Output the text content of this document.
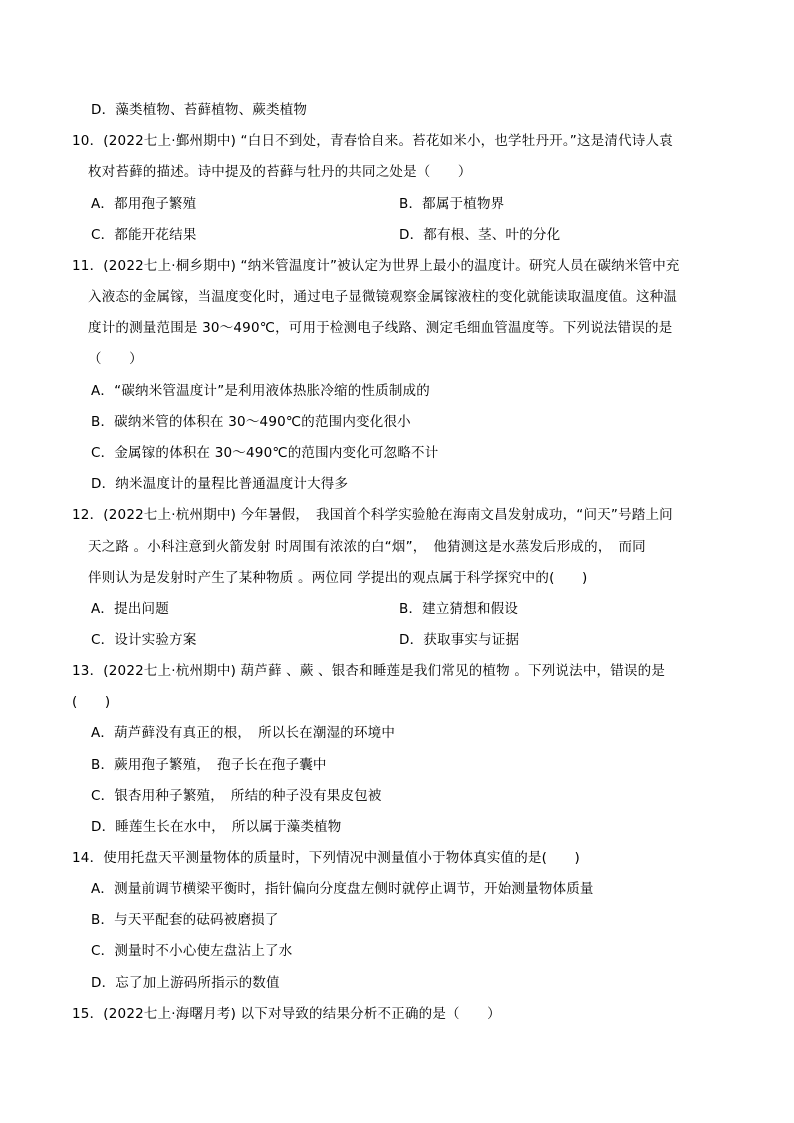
D．藻类植物、苔藓植物、蕨类植物
10．(2022七上·鄞州期中) “白日不到处，青春恰自来。苔花如米小，也学牡丹开。”这是清代诗人袁
枚对苔藓的描述。诗中提及的苔藓与牡丹的共同之处是（　　）
A．都用孢子繁殖	B．都属于植物界
C．都能开花结果	D．都有根、茎、叶的分化
11．(2022七上·桐乡期中) “纳米管温度计”被认定为世界上最小的温度计。研究人员在碳纳米管中充
入液态的金属镓，当温度变化时，通过电子显微镜观察金属镓液柱的变化就能读取温度值。这种温
度计的测量范围是 30～490℃，可用于检测电子线路、测定毛细血管温度等。下列说法错误的是
（　　）
A．“碳纳米管温度计”是利用液体热胀冷缩的性质制成的
B．碳纳米管的体积在 30～490℃的范围内变化很小
C．金属镓的体积在 30～490℃的范围内变化可忽略不计
D．纳米温度计的量程比普通温度计大得多
12．(2022七上·杭州期中) 今年暑假，　我国首个科学实验舱在海南文昌发射成功，“问天”号踏上问
天之路 。小科注意到火箭发射 时周围有浓浓的白“烟”，　他猜测这是水蒸发后形成的，　而同
伴则认为是发射时产生了某种物质 。两位同 学提出的观点属于科学探究中的(　　)
A．提出问题	B．建立猜想和假设
C．设计实验方案	D．获取事实与证据
13．(2022七上·杭州期中) 葫芦藓 、蕨 、银杏和睡莲是我们常见的植物 。下列说法中，错误的是
(　　)
A．葫芦藓没有真正的根，　所以长在潮湿的环境中
B．蕨用孢子繁殖，　孢子长在孢子囊中
C．银杏用种子繁殖，　所结的种子没有果皮包被
D．睡莲生长在水中，　所以属于藻类植物
14．使用托盘天平测量物体的质量时，下列情况中测量值小于物体真实值的是(　　)
A．测量前调节横梁平衡时，指针偏向分度盘左侧时就停止调节，开始测量物体质量
B．与天平配套的砝码被磨损了
C．测量时不小心使左盘沾上了水
D．忘了加上游码所指示的数值
15．(2022七上·海曙月考) 以下对导致的结果分析不正确的是（　　）
